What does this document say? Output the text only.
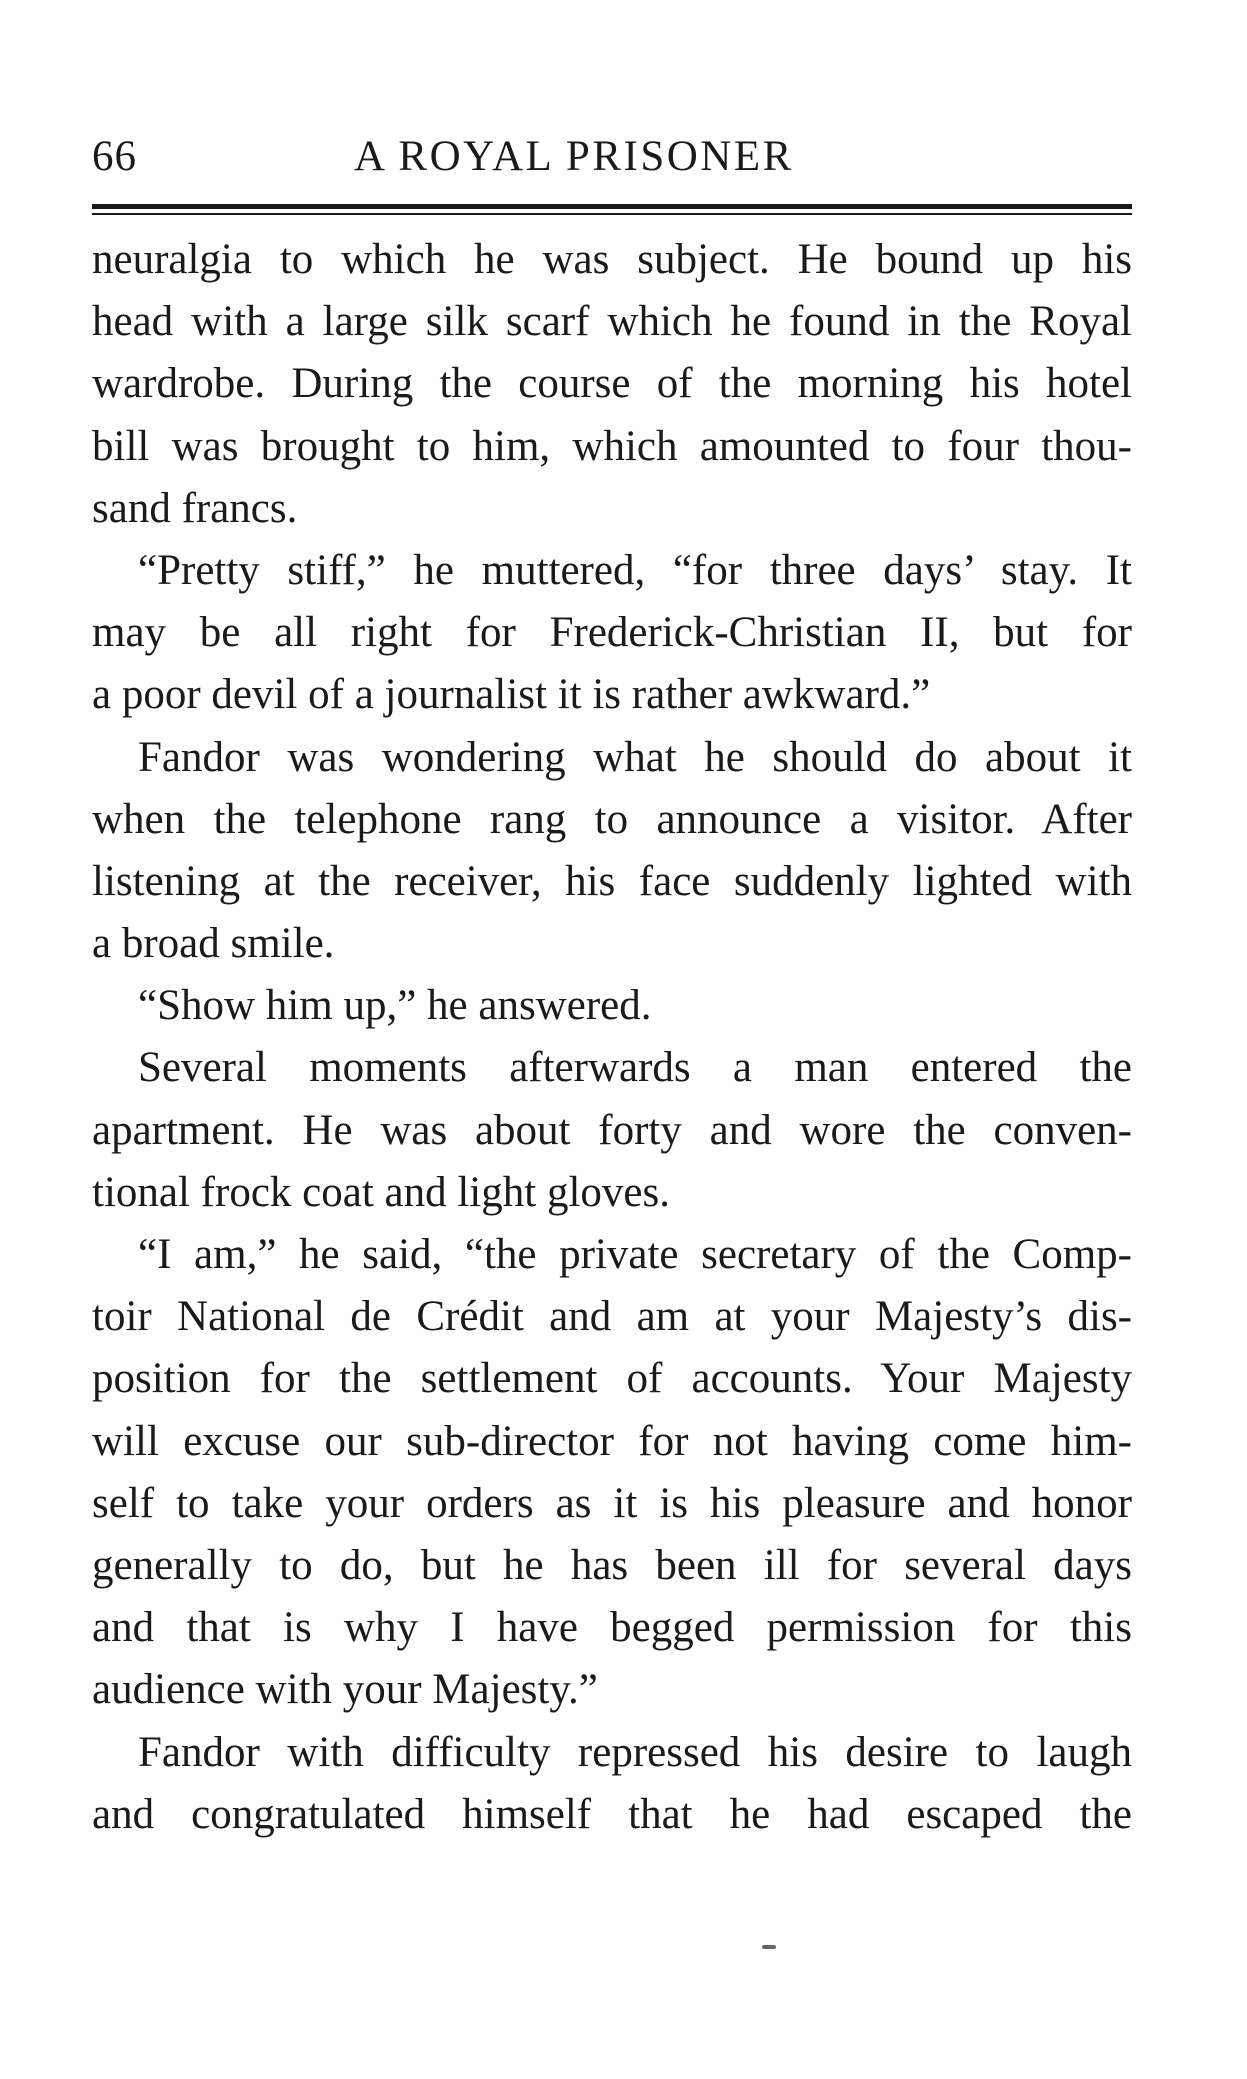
66	A ROYAL PRISONER
neuralgia to which he was subject. He bound up his
head with a large silk scarf which he found in the Royal
wardrobe. During the course of the morning his hotel
bill was brought to him, which amounted to four thou-
sand francs.
“Pretty stiff,” he muttered, “for three days’ stay. It
may be all right for Frederick-Christian II, but for
a poor devil of a journalist it is rather awkward.”
Fandor was wondering what he should do about it
when the telephone rang to announce a visitor. After
listening at the receiver, his face suddenly lighted with
a broad smile.
“Show him up,” he answered.
Several moments afterwards a man entered the
apartment. He was about forty and wore the conven-
tional frock coat and light gloves.
“I am,” he said, “the private secretary of the Comp-
toir National de Crédit and am at your Majesty’s dis-
position for the settlement of accounts. Your Majesty
will excuse our sub-director for not having come him-
self to take your orders as it is his pleasure and honor
generally to do, but he has been ill for several days
and that is why I have begged permission for this
audience with your Majesty.”
Fandor with difficulty repressed his desire to laugh
and congratulated himself that he had escaped the
